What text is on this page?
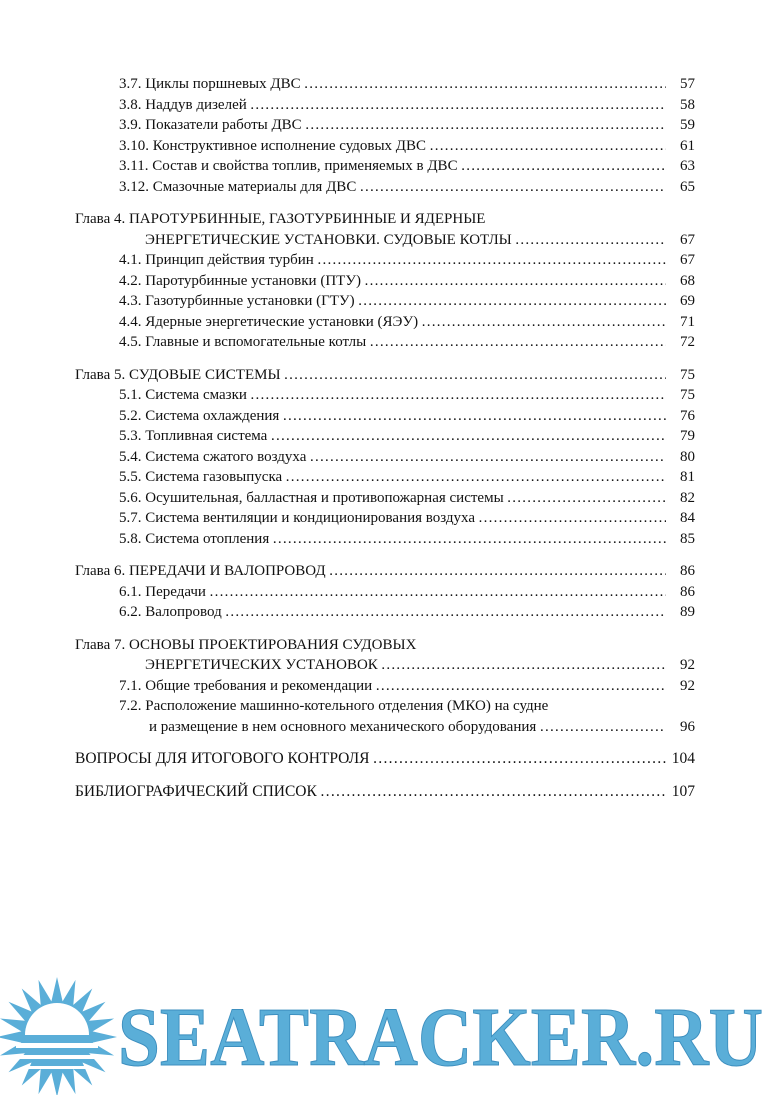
3.7. Циклы поршневых ДВС …………………………………………………………………………………………………………………………………………………………………………	57
3.8. Наддув дизелей …………………………………………………………………………………………………………………………………………………………………………	58
3.9. Показатели работы ДВС …………………………………………………………………………………………………………………………………………………………………………	59
3.10. Конструктивное исполнение судовых ДВС …………………………………………………………………………………………………………………………………………………………………………	61
3.11. Состав и свойства топлив, применяемых в ДВС …………………………………………………………………………………………………………………………………………………………………………	63
3.12. Смазочные материалы для ДВС …………………………………………………………………………………………………………………………………………………………………………	65
Глава 4. ПАРОТУРБИННЫЕ, ГАЗОТУРБИННЫЕ И ЯДЕРНЫЕ
ЭНЕРГЕТИЧЕСКИЕ УСТАНОВКИ. СУДОВЫЕ КОТЛЫ …………………………………………………………………………………………………………………………………………………………………………	67
4.1. Принцип действия турбин …………………………………………………………………………………………………………………………………………………………………………	67
4.2. Паротурбинные установки (ПТУ) …………………………………………………………………………………………………………………………………………………………………………	68
4.3. Газотурбинные установки (ГТУ) …………………………………………………………………………………………………………………………………………………………………………	69
4.4. Ядерные энергетические установки (ЯЭУ) …………………………………………………………………………………………………………………………………………………………………………	71
4.5. Главные и вспомогательные котлы …………………………………………………………………………………………………………………………………………………………………………	72
Глава 5. СУДОВЫЕ СИСТЕМЫ …………………………………………………………………………………………………………………………………………………………………………	75
5.1. Система смазки …………………………………………………………………………………………………………………………………………………………………………	75
5.2. Система охлаждения …………………………………………………………………………………………………………………………………………………………………………	76
5.3. Топливная система …………………………………………………………………………………………………………………………………………………………………………	79
5.4. Система сжатого воздуха …………………………………………………………………………………………………………………………………………………………………………	80
5.5. Система газовыпуска …………………………………………………………………………………………………………………………………………………………………………	81
5.6. Осушительная, балластная и противопожарная системы …………………………………………………………………………………………………………………………………………………………………………	82
5.7. Система вентиляции и кондиционирования воздуха …………………………………………………………………………………………………………………………………………………………………………	84
5.8. Система отопления …………………………………………………………………………………………………………………………………………………………………………	85
Глава 6. ПЕРЕДАЧИ И ВАЛОПРОВОД …………………………………………………………………………………………………………………………………………………………………………	86
6.1. Передачи …………………………………………………………………………………………………………………………………………………………………………	86
6.2. Валопровод …………………………………………………………………………………………………………………………………………………………………………	89
Глава 7. ОСНОВЫ ПРОЕКТИРОВАНИЯ СУДОВЫХ
ЭНЕРГЕТИЧЕСКИХ УСТАНОВОК …………………………………………………………………………………………………………………………………………………………………………	92
7.1. Общие требования и рекомендации …………………………………………………………………………………………………………………………………………………………………………	92
7.2. Расположение машинно-котельного отделения (МКО) на судне
и размещение в нем основного механического оборудования …………………………………………………………………………………………………………………………………………………………………………	96
ВОПРОСЫ ДЛЯ ИТОГОВОГО КОНТРОЛЯ …………………………………………………………………………………………………………………………………………………………………………	104
БИБЛИОГРАФИЧЕСКИЙ СПИСОК …………………………………………………………………………………………………………………………………………………………………………	107
SEATRACKER.RU
